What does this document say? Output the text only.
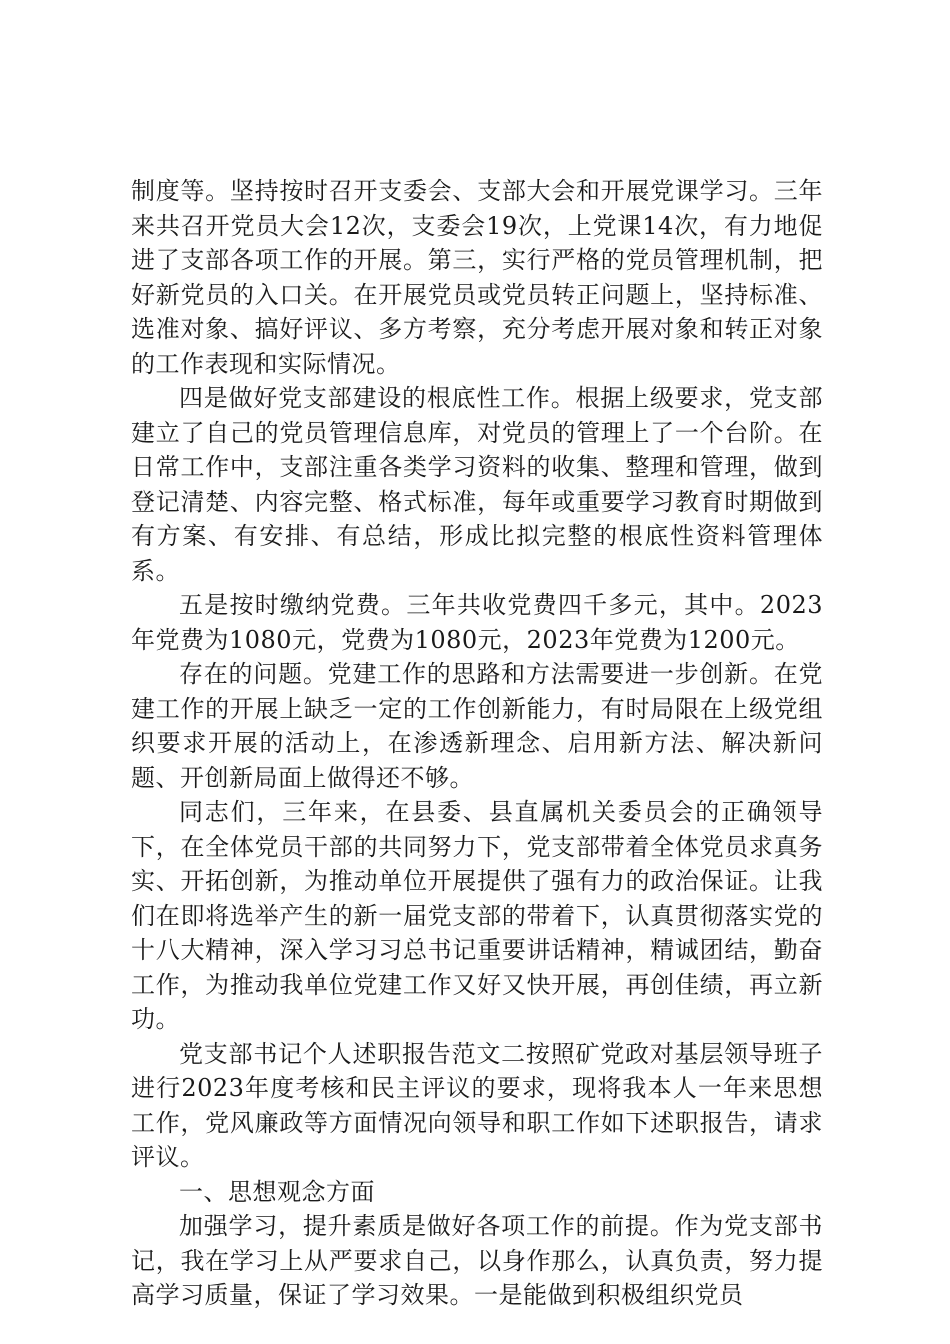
制度等。坚持按时召开支委会、支部大会和开展党课学习。三年来共召开党员大会12次，支委会19次，上党课14次，有力地促进了支部各项工作的开展。第三，实行严格的党员管理机制，把好新党员的入口关。在开展党员或党员转正问题上，坚持标准、选准对象、搞好评议、多方考察，充分考虑开展对象和转正对象的工作表现和实际情况。

四是做好党支部建设的根底性工作。根据上级要求，党支部建立了自己的党员管理信息库，对党员的管理上了一个台阶。在日常工作中，支部注重各类学习资料的收集、整理和管理，做到登记清楚、内容完整、格式标准，每年或重要学习教育时期做到有方案、有安排、有总结，形成比拟完整的根底性资料管理体系。

五是按时缴纳党费。三年共收党费四千多元，其中。2023年党费为1080元，党费为1080元，2023年党费为1200元。

存在的问题。党建工作的思路和方法需要进一步创新。在党建工作的开展上缺乏一定的工作创新能力，有时局限在上级党组织要求开展的活动上，在渗透新理念、启用新方法、解决新问题、开创新局面上做得还不够。

同志们，三年来，在县委、县直属机关委员会的正确领导下，在全体党员干部的共同努力下，党支部带着全体党员求真务实、开拓创新，为推动单位开展提供了强有力的政治保证。让我们在即将选举产生的新一届党支部的带着下，认真贯彻落实党的十八大精神，深入学习习总书记重要讲话精神，精诚团结，勤奋工作，为推动我单位党建工作又好又快开展，再创佳绩，再立新功。

党支部书记个人述职报告范文二按照矿党政对基层领导班子进行2023年度考核和民主评议的要求，现将我本人一年来思想工作，党风廉政等方面情况向领导和职工作如下述职报告，请求评议。

一、思想观念方面

加强学习，提升素质是做好各项工作的前提。作为党支部书记，我在学习上从严要求自己，以身作那么，认真负责，努力提高学习质量，保证了学习效果。一是能做到积极组织党员
